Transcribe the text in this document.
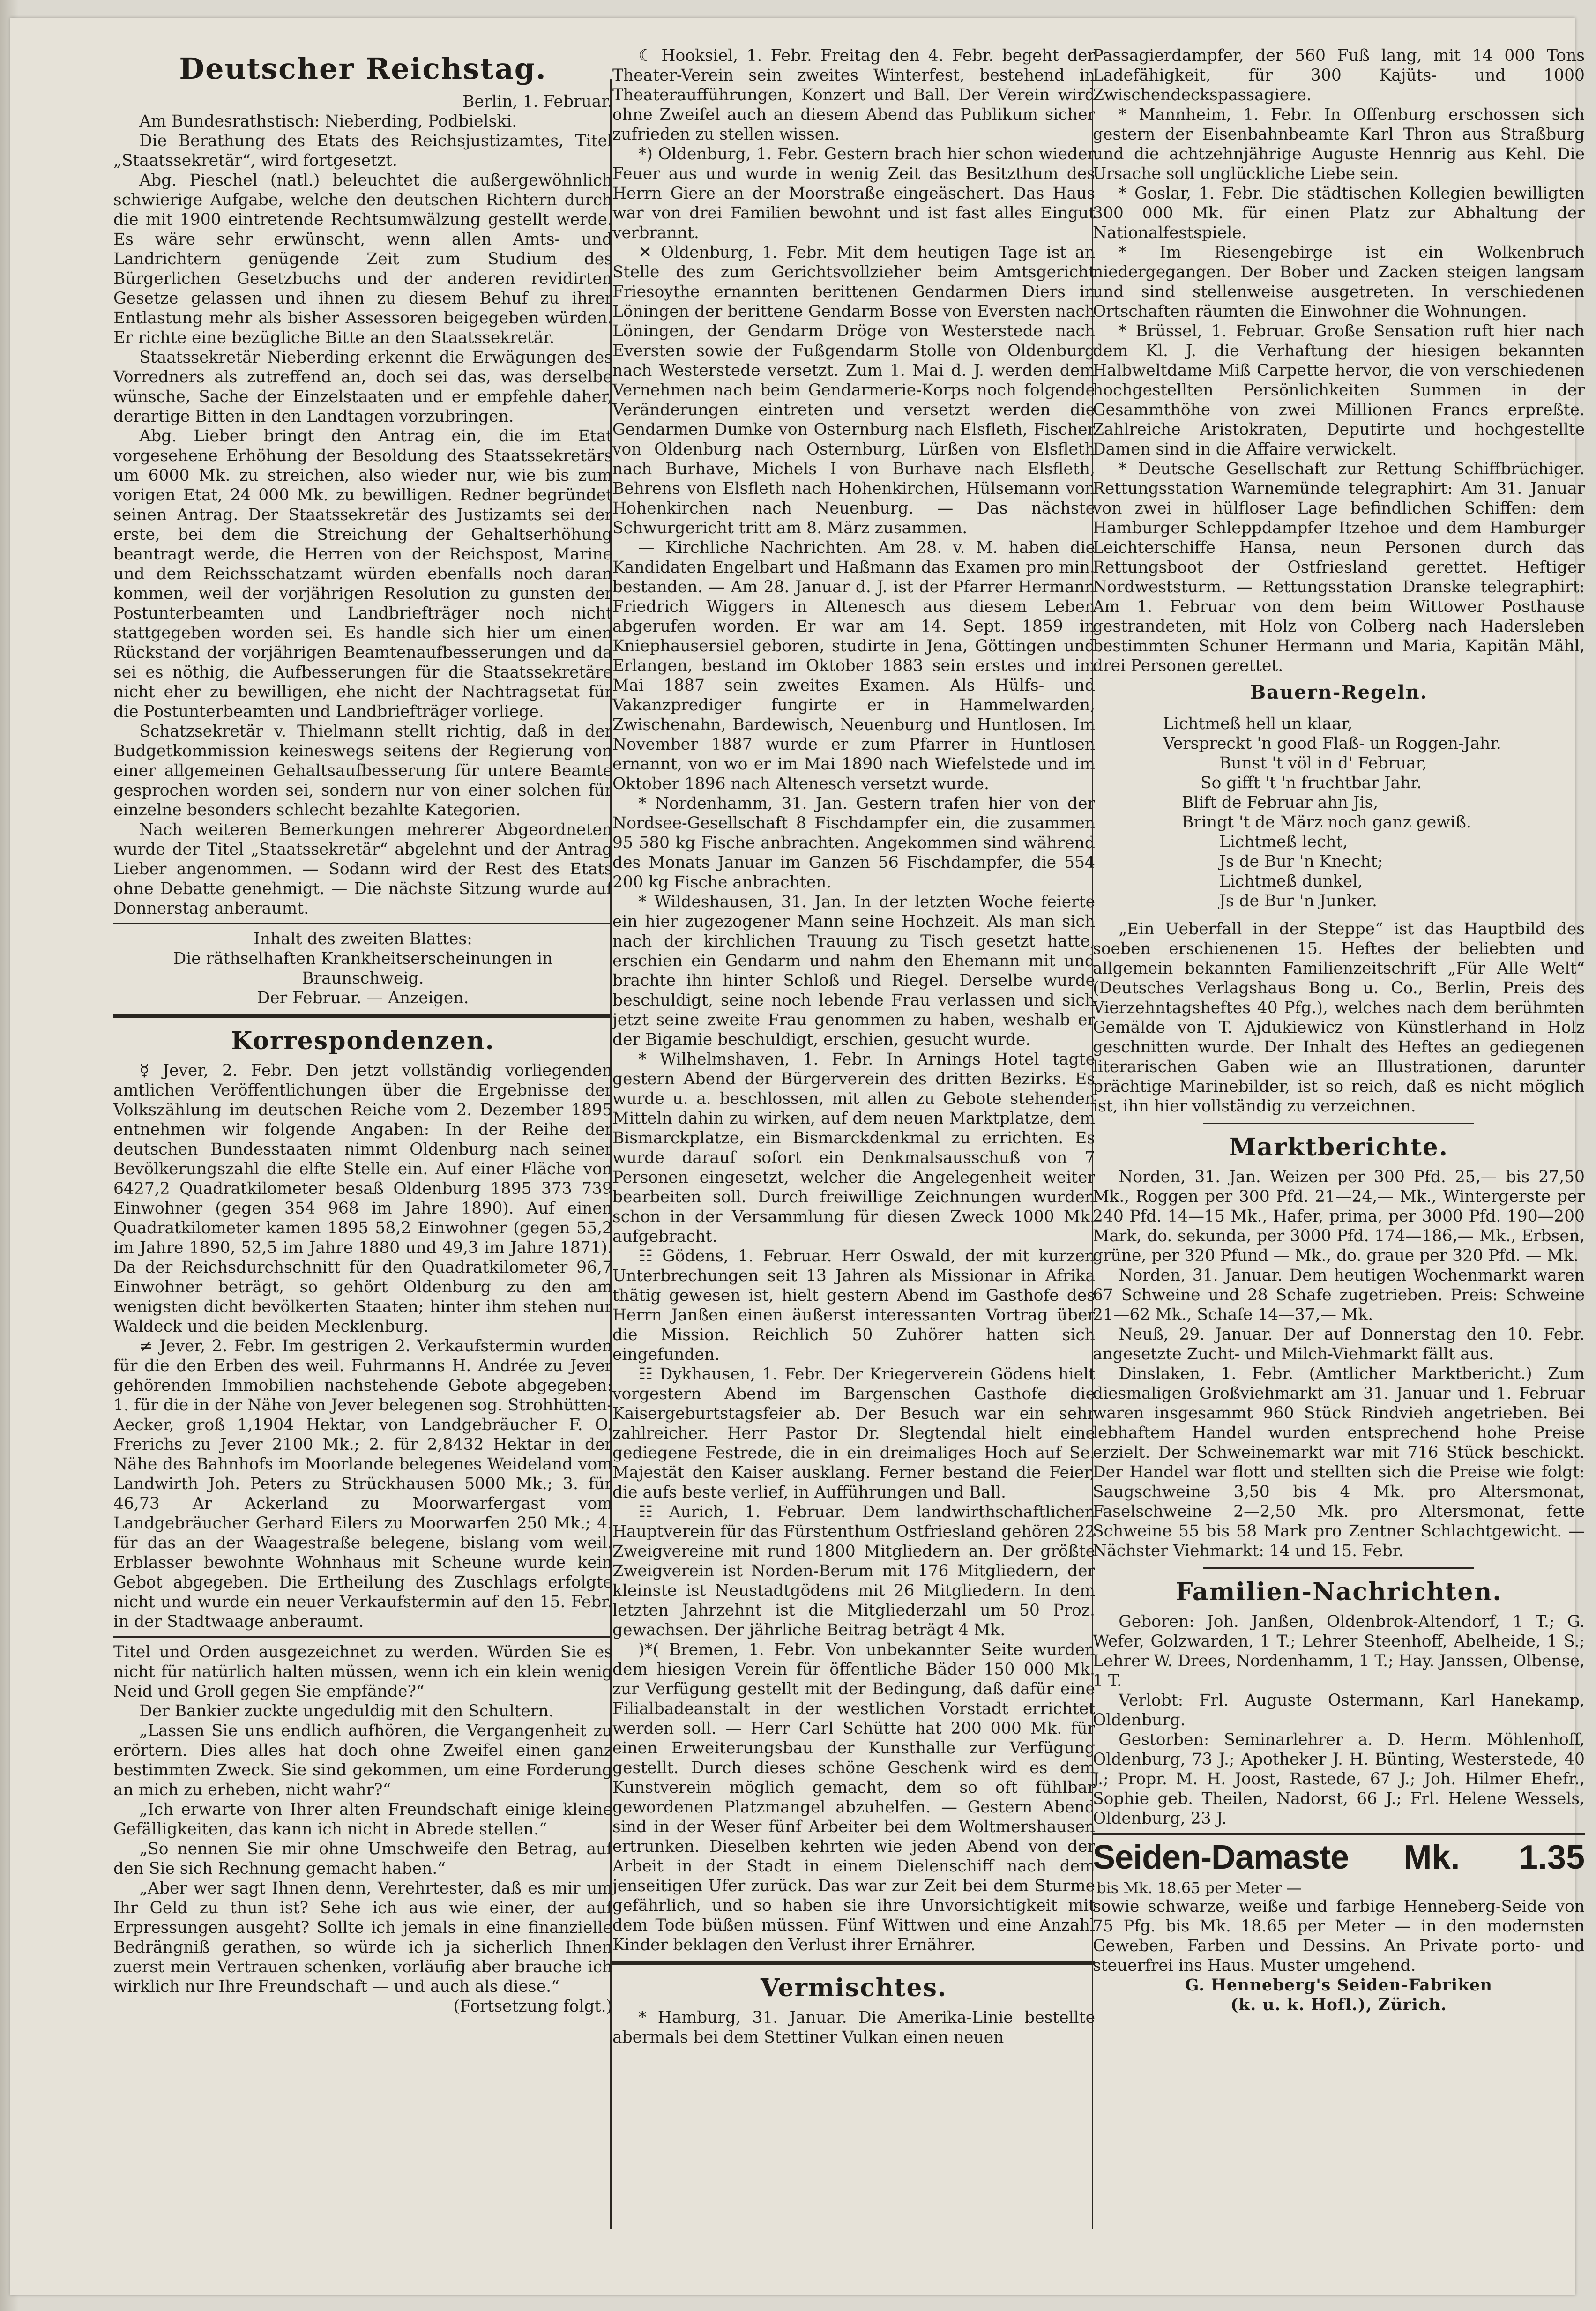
Deutscher Reichstag.

Berlin, 1. Februar.

Am Bundesrathstisch: Nieberding, Podbielski.

Die Berathung des Etats des Reichsjustizamtes, Titel „Staatssekretär“, wird fortgesetzt.

Abg. Pieschel (natl.) beleuchtet die außergewöhnlich schwierige Aufgabe, welche den deutschen Richtern durch die mit 1900 eintretende Rechtsumwälzung gestellt werde. Es wäre sehr erwünscht, wenn allen Amts- und Landrichtern genügende Zeit zum Studium des Bürgerlichen Gesetzbuchs und der anderen revidirten Gesetze gelassen und ihnen zu diesem Behuf zu ihrer Entlastung mehr als bisher Assessoren beigegeben würden. Er richte eine bezügliche Bitte an den Staatssekretär.

Staatssekretär Nieberding erkennt die Erwägungen des Vorredners als zutreffend an, doch sei das, was derselbe wünsche, Sache der Einzelstaaten und er empfehle daher, derartige Bitten in den Landtagen vorzubringen.

Abg. Lieber bringt den Antrag ein, die im Etat vorgesehene Erhöhung der Besoldung des Staatssekretärs um 6000 Mk. zu streichen, also wieder nur, wie bis zum vorigen Etat, 24 000 Mk. zu bewilligen. Redner begründet seinen Antrag. Der Staatssekretär des Justizamts sei der erste, bei dem die Streichung der Gehaltserhöhung beantragt werde, die Herren von der Reichspost, Marine und dem Reichsschatzamt würden ebenfalls noch daran kommen, weil der vorjährigen Resolution zu gunsten der Postunterbeamten und Landbriefträger noch nicht stattgegeben worden sei. Es handle sich hier um einen Rückstand der vorjährigen Beamtenaufbesserungen und da sei es nöthig, die Aufbesserungen für die Staatssekretäre nicht eher zu bewilligen, ehe nicht der Nachtragsetat für die Postunterbeamten und Landbriefträger vorliege.

Schatzsekretär v. Thielmann stellt richtig, daß in der Budgetkommission keineswegs seitens der Regierung von einer allgemeinen Gehaltsaufbesserung für untere Beamte gesprochen worden sei, sondern nur von einer solchen für einzelne besonders schlecht bezahlte Kategorien.

Nach weiteren Bemerkungen mehrerer Abgeordneten wurde der Titel „Staatssekretär“ abgelehnt und der Antrag Lieber angenommen. — Sodann wird der Rest des Etats ohne Debatte genehmigt. — Die nächste Sitzung wurde auf Donnerstag anberaumt.

Inhalt des zweiten Blattes:

Die räthselhaften Krankheitserscheinungen in Braunschweig.

Der Februar. — Anzeigen.

Korrespondenzen.

☿ Jever, 2. Febr. Den jetzt vollständig vorliegenden amtlichen Veröffentlichungen über die Ergebnisse der Volkszählung im deutschen Reiche vom 2. Dezember 1895 entnehmen wir folgende Angaben: In der Reihe der deutschen Bundesstaaten nimmt Oldenburg nach seiner Bevölkerungszahl die elfte Stelle ein. Auf einer Fläche von 6427,2 Quadratkilometer besaß Oldenburg 1895 373 739 Einwohner (gegen 354 968 im Jahre 1890). Auf einen Quadratkilometer kamen 1895 58,2 Einwohner (gegen 55,2 im Jahre 1890, 52,5 im Jahre 1880 und 49,3 im Jahre 1871). Da der Reichsdurchschnitt für den Quadratkilometer 96,7 Einwohner beträgt, so gehört Oldenburg zu den am wenigsten dicht bevölkerten Staaten; hinter ihm stehen nur Waldeck und die beiden Mecklenburg.

≠ Jever, 2. Febr. Im gestrigen 2. Verkaufstermin wurden für die den Erben des weil. Fuhrmanns H. Andrée zu Jever gehörenden Immobilien nachstehende Gebote abgegeben: 1. für die in der Nähe von Jever belegenen sog. Strohhütten-Aecker, groß 1,1904 Hektar, von Landgebräucher F. O. Frerichs zu Jever 2100 Mk.; 2. für 2,8432 Hektar in der Nähe des Bahnhofs im Moorlande belegenes Weideland vom Landwirth Joh. Peters zu Strückhausen 5000 Mk.; 3. für 46,73 Ar Ackerland zu Moorwarfergast vom Landgebräucher Gerhard Eilers zu Moorwarfen 250 Mk.; 4. für das an der Waagestraße belegene, bislang vom weil. Erblasser bewohnte Wohnhaus mit Scheune wurde kein Gebot abgegeben. Die Ertheilung des Zuschlags erfolgte nicht und wurde ein neuer Verkaufstermin auf den 15. Febr. in der Stadtwaage anberaumt.

Titel und Orden ausgezeichnet zu werden. Würden Sie es nicht für natürlich halten müssen, wenn ich ein klein wenig Neid und Groll gegen Sie empfände?“

Der Bankier zuckte ungeduldig mit den Schultern.

„Lassen Sie uns endlich aufhören, die Vergangenheit zu erörtern. Dies alles hat doch ohne Zweifel einen ganz bestimmten Zweck. Sie sind gekommen, um eine Forderung an mich zu erheben, nicht wahr?“

„Ich erwarte von Ihrer alten Freundschaft einige kleine Gefälligkeiten, das kann ich nicht in Abrede stellen.“

„So nennen Sie mir ohne Umschweife den Betrag, auf den Sie sich Rechnung gemacht haben.“

„Aber wer sagt Ihnen denn, Verehrtester, daß es mir um Ihr Geld zu thun ist? Sehe ich aus wie einer, der auf Erpressungen ausgeht? Sollte ich jemals in eine finanzielle Bedrängniß gerathen, so würde ich ja sicherlich Ihnen zuerst mein Vertrauen schenken, vorläufig aber brauche ich wirklich nur Ihre Freundschaft — und auch als diese.“

(Fortsetzung folgt.)

☾ Hooksiel, 1. Febr. Freitag den 4. Febr. begeht der Theater-Verein sein zweites Winterfest, bestehend in Theateraufführungen, Konzert und Ball. Der Verein wird ohne Zweifel auch an diesem Abend das Publikum sicher zufrieden zu stellen wissen.

*) Oldenburg, 1. Febr. Gestern brach hier schon wieder Feuer aus und wurde in wenig Zeit das Besitzthum des Herrn Giere an der Moorstraße eingeäschert. Das Haus war von drei Familien bewohnt und ist fast alles Eingut verbrannt.

✕ Oldenburg, 1. Febr. Mit dem heutigen Tage ist an Stelle des zum Gerichtsvollzieher beim Amtsgericht Friesoythe ernannten berittenen Gendarmen Diers in Löningen der berittene Gendarm Bosse von Eversten nach Löningen, der Gendarm Dröge von Westerstede nach Eversten sowie der Fußgendarm Stolle von Oldenburg nach Westerstede versetzt. Zum 1. Mai d. J. werden dem Vernehmen nach beim Gendarmerie-Korps noch folgende Veränderungen eintreten und versetzt werden die Gendarmen Dumke von Osternburg nach Elsfleth, Fischer von Oldenburg nach Osternburg, Lürßen von Elsfleth nach Burhave, Michels I von Burhave nach Elsfleth, Behrens von Elsfleth nach Hohenkirchen, Hülsemann von Hohenkirchen nach Neuenburg. — Das nächste Schwurgericht tritt am 8. März zusammen.

— Kirchliche Nachrichten. Am 28. v. M. haben die Kandidaten Engelbart und Haßmann das Examen pro min. bestanden. — Am 28. Januar d. J. ist der Pfarrer Hermann Friedrich Wiggers in Altenesch aus diesem Leben abgerufen worden. Er war am 14. Sept. 1859 in Kniephausersiel geboren, studirte in Jena, Göttingen und Erlangen, bestand im Oktober 1883 sein erstes und im Mai 1887 sein zweites Examen. Als Hülfs- und Vakanzprediger fungirte er in Hammelwarden, Zwischenahn, Bardewisch, Neuenburg und Huntlosen. Im November 1887 wurde er zum Pfarrer in Huntlosen ernannt, von wo er im Mai 1890 nach Wiefelstede und im Oktober 1896 nach Altenesch versetzt wurde.

* Nordenhamm, 31. Jan. Gestern trafen hier von der Nordsee-Gesellschaft 8 Fischdampfer ein, die zusammen 95 580 kg Fische anbrachten. Angekommen sind während des Monats Januar im Ganzen 56 Fischdampfer, die 554 200 kg Fische anbrachten.

* Wildeshausen, 31. Jan. In der letzten Woche feierte ein hier zugezogener Mann seine Hochzeit. Als man sich nach der kirchlichen Trauung zu Tisch gesetzt hatte, erschien ein Gendarm und nahm den Ehemann mit und brachte ihn hinter Schloß und Riegel. Derselbe wurde beschuldigt, seine noch lebende Frau verlassen und sich jetzt seine zweite Frau genommen zu haben, weshalb er der Bigamie beschuldigt, erschien, gesucht wurde.

* Wilhelmshaven, 1. Febr. In Arnings Hotel tagte gestern Abend der Bürgerverein des dritten Bezirks. Es wurde u. a. beschlossen, mit allen zu Gebote stehenden Mitteln dahin zu wirken, auf dem neuen Marktplatze, dem Bismarckplatze, ein Bismarckdenkmal zu errichten. Es wurde darauf sofort ein Denkmalsausschuß von 7 Personen eingesetzt, welcher die Angelegenheit weiter bearbeiten soll. Durch freiwillige Zeichnungen wurden schon in der Versammlung für diesen Zweck 1000 Mk. aufgebracht.

☷ Gödens, 1. Februar. Herr Oswald, der mit kurzen Unterbrechungen seit 13 Jahren als Missionar in Afrika thätig gewesen ist, hielt gestern Abend im Gasthofe des Herrn Janßen einen äußerst interessanten Vortrag über die Mission. Reichlich 50 Zuhörer hatten sich eingefunden.

☷ Dykhausen, 1. Febr. Der Kriegerverein Gödens hielt vorgestern Abend im Bargenschen Gasthofe die Kaisergeburtstagsfeier ab. Der Besuch war ein sehr zahlreicher. Herr Pastor Dr. Slegtendal hielt eine gediegene Festrede, die in ein dreimaliges Hoch auf Se. Majestät den Kaiser ausklang. Ferner bestand die Feier, die aufs beste verlief, in Aufführungen und Ball.

☷ Aurich, 1. Februar. Dem landwirthschaftlichen Hauptverein für das Fürstenthum Ostfriesland gehören 22 Zweigvereine mit rund 1800 Mitgliedern an. Der größte Zweigverein ist Norden-Berum mit 176 Mitgliedern, der kleinste ist Neustadtgödens mit 26 Mitgliedern. In dem letzten Jahrzehnt ist die Mitgliederzahl um 50 Proz. gewachsen. Der jährliche Beitrag beträgt 4 Mk.

)*( Bremen, 1. Febr. Von unbekannter Seite wurden dem hiesigen Verein für öffentliche Bäder 150 000 Mk. zur Verfügung gestellt mit der Bedingung, daß dafür eine Filialbadeanstalt in der westlichen Vorstadt errichtet werden soll. — Herr Carl Schütte hat 200 000 Mk. für einen Erweiterungsbau der Kunsthalle zur Verfügung gestellt. Durch dieses schöne Geschenk wird es dem Kunstverein möglich gemacht, dem so oft fühlbar gewordenen Platzmangel abzuhelfen. — Gestern Abend sind in der Weser fünf Arbeiter bei dem Woltmershausen ertrunken. Dieselben kehrten wie jeden Abend von der Arbeit in der Stadt in einem Dielenschiff nach dem jenseitigen Ufer zurück. Das war zur Zeit bei dem Sturme gefährlich, und so haben sie ihre Unvorsichtigkeit mit dem Tode büßen müssen. Fünf Wittwen und eine Anzahl Kinder beklagen den Verlust ihrer Ernährer.

Vermischtes.

* Hamburg, 31. Januar. Die Amerika-Linie bestellte abermals bei dem Stettiner Vulkan einen neuen

Passagierdampfer, der 560 Fuß lang, mit 14 000 Tons Ladefähigkeit, für 300 Kajüts- und 1000 Zwischendeckspassagiere.

* Mannheim, 1. Febr. In Offenburg erschossen sich gestern der Eisenbahnbeamte Karl Thron aus Straßburg und die achtzehnjährige Auguste Hennrig aus Kehl. Die Ursache soll unglückliche Liebe sein.

* Goslar, 1. Febr. Die städtischen Kollegien bewilligten 300 000 Mk. für einen Platz zur Abhaltung der Nationalfestspiele.

* Im Riesengebirge ist ein Wolkenbruch niedergegangen. Der Bober und Zacken steigen langsam und sind stellenweise ausgetreten. In verschiedenen Ortschaften räumten die Einwohner die Wohnungen.

* Brüssel, 1. Februar. Große Sensation ruft hier nach dem Kl. J. die Verhaftung der hiesigen bekannten Halbweltdame Miß Carpette hervor, die von verschiedenen hochgestellten Persönlichkeiten Summen in der Gesammthöhe von zwei Millionen Francs erpreßte. Zahlreiche Aristokraten, Deputirte und hochgestellte Damen sind in die Affaire verwickelt.

* Deutsche Gesellschaft zur Rettung Schiffbrüchiger. Rettungsstation Warnemünde telegraphirt: Am 31. Januar von zwei in hülfloser Lage befindlichen Schiffen: dem Hamburger Schleppdampfer Itzehoe und dem Hamburger Leichterschiffe Hansa, neun Personen durch das Rettungsboot der Ostfriesland gerettet. Heftiger Nordweststurm. — Rettungsstation Dranske telegraphirt: Am 1. Februar von dem beim Wittower Posthause gestrandeten, mit Holz von Colberg nach Hadersleben bestimmten Schuner Hermann und Maria, Kapitän Mähl, drei Personen gerettet.

Bauern-Regeln.
Lichtmeß hell un klaar,
Verspreckt 'n good Flaß- un Roggen-Jahr.
Bunst 't völ in d' Februar,
So gifft 't 'n fruchtbar Jahr.
Blift de Februar ahn Jis,
Bringt 't de März noch ganz gewiß.
Lichtmeß lecht,
Js de Bur 'n Knecht;
Lichtmeß dunkel,
Js de Bur 'n Junker.

„Ein Ueberfall in der Steppe“ ist das Hauptbild des soeben erschienenen 15. Heftes der beliebten und allgemein bekannten Familienzeitschrift „Für Alle Welt“ (Deutsches Verlagshaus Bong u. Co., Berlin, Preis des Vierzehntagsheftes 40 Pfg.), welches nach dem berühmten Gemälde von T. Ajdukiewicz von Künstlerhand in Holz geschnitten wurde. Der Inhalt des Heftes an gediegenen literarischen Gaben wie an Illustrationen, darunter prächtige Marinebilder, ist so reich, daß es nicht möglich ist, ihn hier vollständig zu verzeichnen.

Marktberichte.

Norden, 31. Jan. Weizen per 300 Pfd. 25,— bis 27,50 Mk., Roggen per 300 Pfd. 21—24,— Mk., Wintergerste per 240 Pfd. 14—15 Mk., Hafer, prima, per 3000 Pfd. 190—200 Mark, do. sekunda, per 3000 Pfd. 174—186,— Mk., Erbsen, grüne, per 320 Pfund — Mk., do. graue per 320 Pfd. — Mk.

Norden, 31. Januar. Dem heutigen Wochenmarkt waren 67 Schweine und 28 Schafe zugetrieben. Preis: Schweine 21—62 Mk., Schafe 14—37,— Mk.

Neuß, 29. Januar. Der auf Donnerstag den 10. Febr. angesetzte Zucht- und Milch-Viehmarkt fällt aus.

Dinslaken, 1. Febr. (Amtlicher Marktbericht.) Zum diesmaligen Großviehmarkt am 31. Januar und 1. Februar waren insgesammt 960 Stück Rindvieh angetrieben. Bei lebhaftem Handel wurden entsprechend hohe Preise erzielt. Der Schweinemarkt war mit 716 Stück beschickt. Der Handel war flott und stellten sich die Preise wie folgt: Saugschweine 3,50 bis 4 Mk. pro Altersmonat, Faselschweine 2—2,50 Mk. pro Altersmonat, fette Schweine 55 bis 58 Mark pro Zentner Schlachtgewicht. — Nächster Viehmarkt: 14 und 15. Febr.

Familien-Nachrichten.

Geboren: Joh. Janßen, Oldenbrok-Altendorf, 1 T.; G. Wefer, Golzwarden, 1 T.; Lehrer Steenhoff, Abelheide, 1 S.; Lehrer W. Drees, Nordenhamm, 1 T.; Hay. Janssen, Olbense, 1 T.

Verlobt: Frl. Auguste Ostermann, Karl Hanekamp, Oldenburg.

Gestorben: Seminarlehrer a. D. Herm. Möhlenhoff, Oldenburg, 73 J.; Apotheker J. H. Bünting, Westerstede, 40 J.; Propr. M. H. Joost, Rastede, 67 J.; Joh. Hilmer Ehefr., Sophie geb. Theilen, Nadorst, 66 J.; Frl. Helene Wessels, Oldenburg, 23 J.

Seiden-Damaste Mk. 1.35 bis Mk. 18.65 per Meter —

sowie schwarze, weiße und farbige Henneberg-Seide von 75 Pfg. bis Mk. 18.65 per Meter — in den modernsten Geweben, Farben und Dessins. An Private porto- und steuerfrei ins Haus. Muster umgehend.

G. Henneberg's Seiden-Fabriken
(k. u. k. Hofl.), Zürich.
